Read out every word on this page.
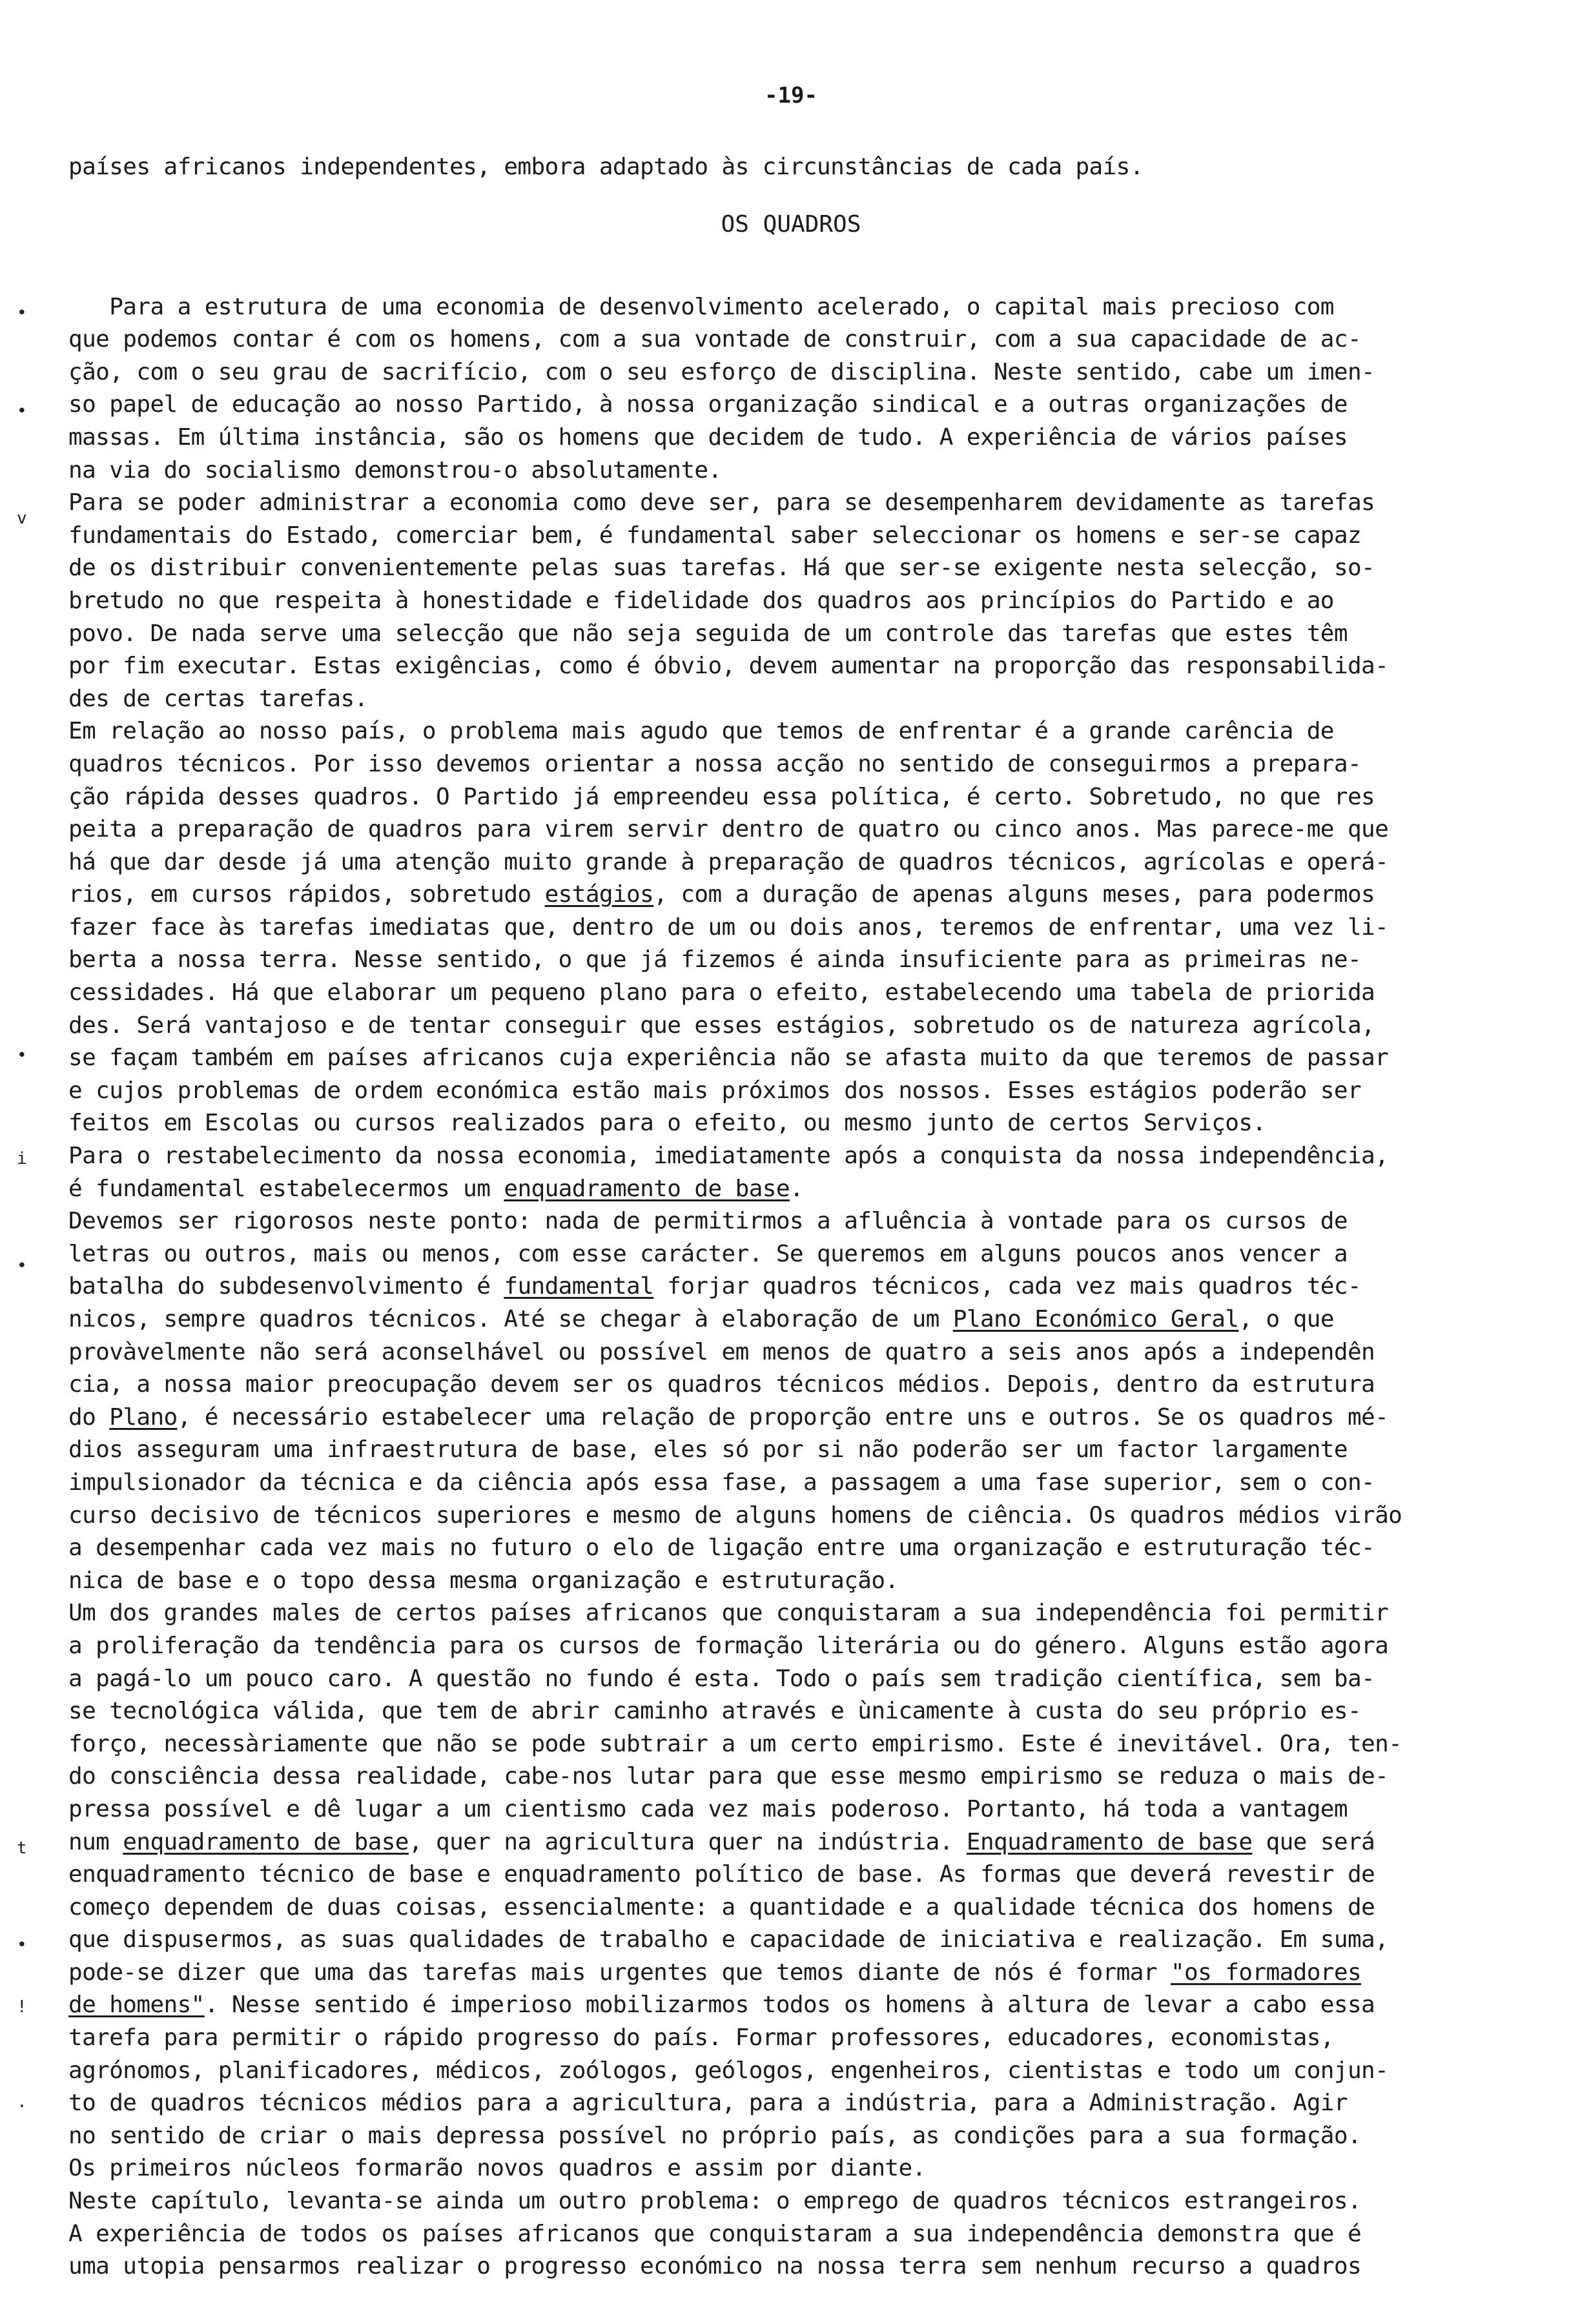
-19-
países africanos independentes, embora adaptado às circunstâncias de cada país.
OS QUADROS
Para a estrutura de uma economia de desenvolvimento acelerado, o capital mais precioso com
que podemos contar é com os homens, com a sua vontade de construir, com a sua capacidade de ac-
ção, com o seu grau de sacrifício, com o seu esforço de disciplina. Neste sentido, cabe um imen-
so papel de educação ao nosso Partido, à nossa organização sindical e a outras organizações de
massas. Em última instância, são os homens que decidem de tudo. A experiência de vários países
na via do socialismo demonstrou-o absolutamente.
Para se poder administrar a economia como deve ser, para se desempenharem devidamente as tarefas
fundamentais do Estado, comerciar bem, é fundamental saber seleccionar os homens e ser-se capaz
de os distribuir convenientemente pelas suas tarefas. Há que ser-se exigente nesta selecção, so-
bretudo no que respeita à honestidade e fidelidade dos quadros aos princípios do Partido e ao
povo. De nada serve uma selecção que não seja seguida de um controle das tarefas que estes têm
por fim executar. Estas exigências, como é óbvio, devem aumentar na proporção das responsabilida-
des de certas tarefas.
Em relação ao nosso país, o problema mais agudo que temos de enfrentar é a grande carência de
quadros técnicos. Por isso devemos orientar a nossa acção no sentido de conseguirmos a prepara-
ção rápida desses quadros. O Partido já empreendeu essa política, é certo. Sobretudo, no que res
peita a preparação de quadros para virem servir dentro de quatro ou cinco anos. Mas parece-me que
há que dar desde já uma atenção muito grande à preparação de quadros técnicos, agrícolas e operá-
rios, em cursos rápidos, sobretudo estágios, com a duração de apenas alguns meses, para podermos
fazer face às tarefas imediatas que, dentro de um ou dois anos, teremos de enfrentar, uma vez li-
berta a nossa terra. Nesse sentido, o que já fizemos é ainda insuficiente para as primeiras ne-
cessidades. Há que elaborar um pequeno plano para o efeito, estabelecendo uma tabela de priorida
des. Será vantajoso e de tentar conseguir que esses estágios, sobretudo os de natureza agrícola,
se façam também em países africanos cuja experiência não se afasta muito da que teremos de passar
e cujos problemas de ordem económica estão mais próximos dos nossos. Esses estágios poderão ser
feitos em Escolas ou cursos realizados para o efeito, ou mesmo junto de certos Serviços.
Para o restabelecimento da nossa economia, imediatamente após a conquista da nossa independência,
é fundamental estabelecermos um enquadramento de base.
Devemos ser rigorosos neste ponto: nada de permitirmos a afluência à vontade para os cursos de
letras ou outros, mais ou menos, com esse carácter. Se queremos em alguns poucos anos vencer a
batalha do subdesenvolvimento é fundamental forjar quadros técnicos, cada vez mais quadros téc-
nicos, sempre quadros técnicos. Até se chegar à elaboração de um Plano Económico Geral, o que
provàvelmente não será aconselhável ou possível em menos de quatro a seis anos após a independên
cia, a nossa maior preocupação devem ser os quadros técnicos médios. Depois, dentro da estrutura
do Plano, é necessário estabelecer uma relação de proporção entre uns e outros. Se os quadros mé-
dios asseguram uma infraestrutura de base, eles só por si não poderão ser um factor largamente
impulsionador da técnica e da ciência após essa fase, a passagem a uma fase superior, sem o con-
curso decisivo de técnicos superiores e mesmo de alguns homens de ciência. Os quadros médios virão
a desempenhar cada vez mais no futuro o elo de ligação entre uma organização e estruturação téc-
nica de base e o topo dessa mesma organização e estruturação.
Um dos grandes males de certos países africanos que conquistaram a sua independência foi permitir
a proliferação da tendência para os cursos de formação literária ou do género. Alguns estão agora
a pagá-lo um pouco caro. A questão no fundo é esta. Todo o país sem tradição científica, sem ba-
se tecnológica válida, que tem de abrir caminho através e ùnicamente à custa do seu próprio es-
forço, necessàriamente que não se pode subtrair a um certo empirismo. Este é inevitável. Ora, ten-
do consciência dessa realidade, cabe-nos lutar para que esse mesmo empirismo se reduza o mais de-
pressa possível e dê lugar a um cientismo cada vez mais poderoso. Portanto, há toda a vantagem
num enquadramento de base, quer na agricultura quer na indústria. Enquadramento de base que será
enquadramento técnico de base e enquadramento político de base. As formas que deverá revestir de
começo dependem de duas coisas, essencialmente: a quantidade e a qualidade técnica dos homens de
que dispusermos, as suas qualidades de trabalho e capacidade de iniciativa e realização. Em suma,
pode-se dizer que uma das tarefas mais urgentes que temos diante de nós é formar "os formadores
de homens". Nesse sentido é imperioso mobilizarmos todos os homens à altura de levar a cabo essa
tarefa para permitir o rápido progresso do país. Formar professores, educadores, economistas,
agrónomos, planificadores, médicos, zoólogos, geólogos, engenheiros, cientistas e todo um conjun-
to de quadros técnicos médios para a agricultura, para a indústria, para a Administração. Agir
no sentido de criar o mais depressa possível no próprio país, as condições para a sua formação.
Os primeiros núcleos formarão novos quadros e assim por diante.
Neste capítulo, levanta-se ainda um outro problema: o emprego de quadros técnicos estrangeiros.
A experiência de todos os países africanos que conquistaram a sua independência demonstra que é
uma utopia pensarmos realizar o progresso económico na nossa terra sem nenhum recurso a quadros
•
•
v
•
i
•
t
•
!
·
